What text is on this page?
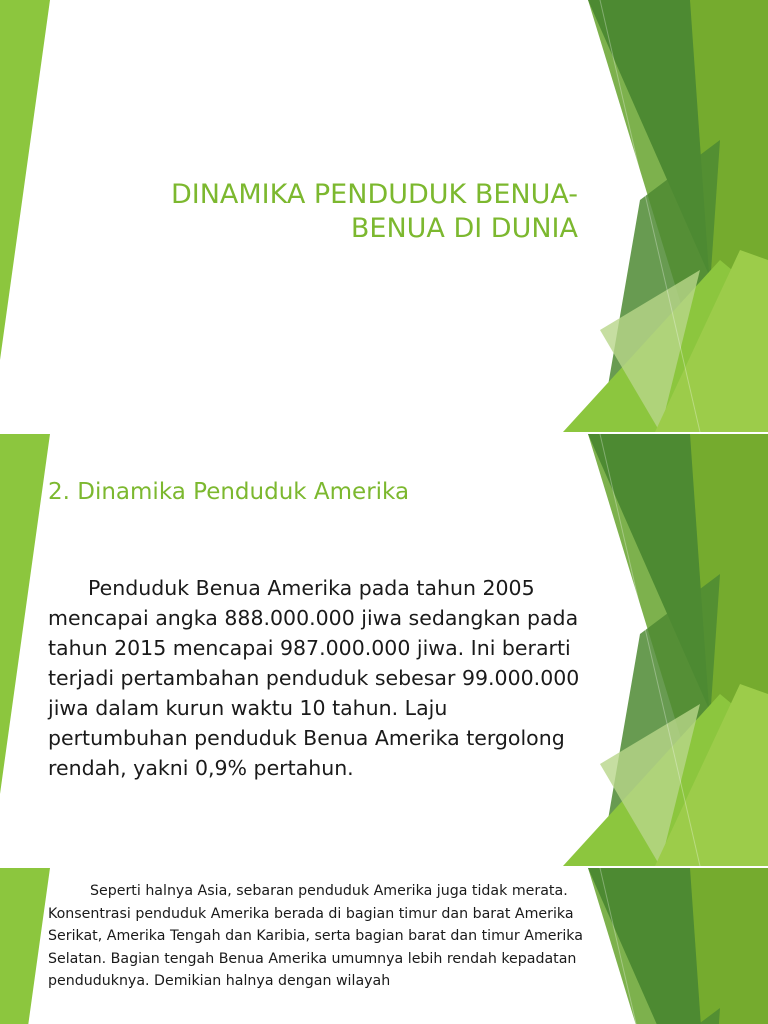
DINAMIKA PENDUDUK BENUA-
BENUA DI DUNIA
2. Dinamika Penduduk Amerika
Penduduk Benua Amerika pada tahun 2005 mencapai angka 888.000.000 jiwa sedangkan pada tahun 2015 mencapai 987.000.000 jiwa. Ini berarti terjadi pertambahan penduduk sebesar 99.000.000 jiwa dalam kurun waktu 10 tahun. Laju pertumbuhan penduduk Benua Amerika tergolong rendah, yakni 0,9% pertahun.
Seperti halnya Asia, sebaran penduduk Amerika juga tidak merata. Konsentrasi penduduk Amerika berada di bagian timur dan barat Amerika Serikat, Amerika Tengah dan Karibia, serta bagian barat dan timur Amerika Selatan. Bagian tengah Benua Amerika umumnya lebih rendah kepadatan penduduknya. Demikian halnya dengan wilayah
